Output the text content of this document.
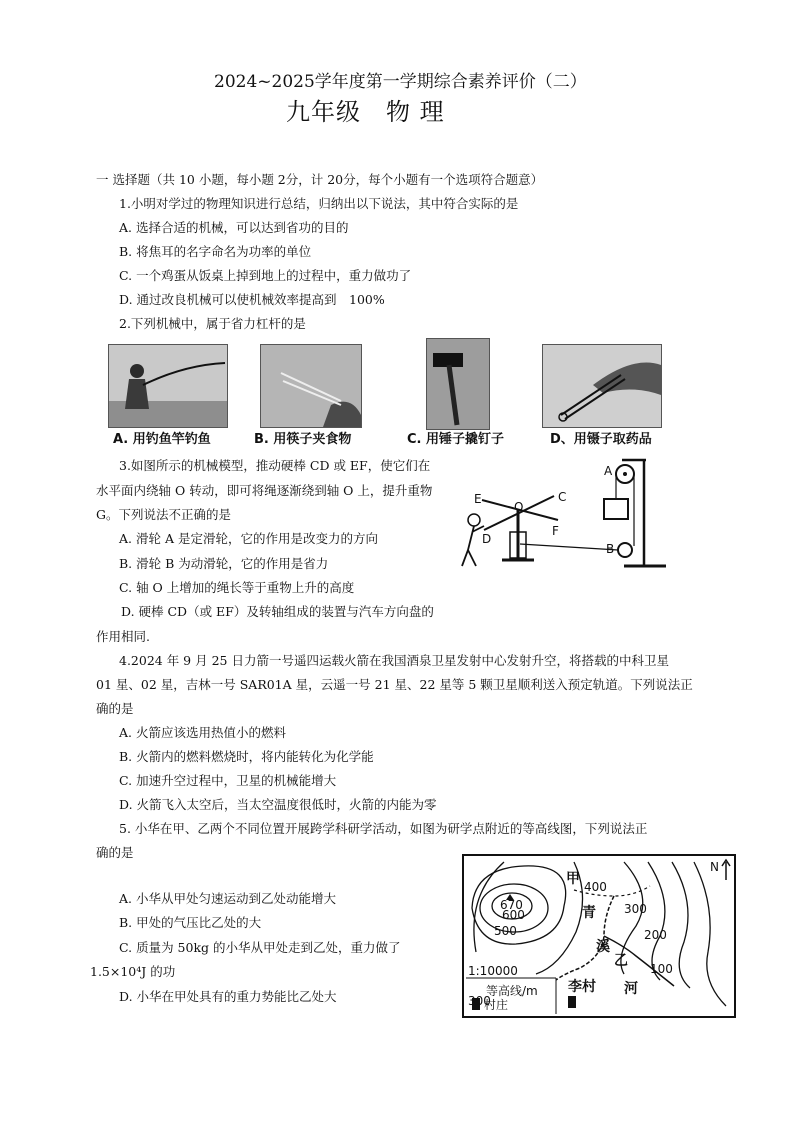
2024~2025学年度第一学期综合素养评价（二）
九年级　物 理
一 选择题（共 10 小题，每小题 2分，计 20分，每个小题有一个选项符合题意）
1.小明对学过的物理知识进行总结，归纳出以下说法，其中符合实际的是
A. 选择合适的机械，可以达到省功的目的
B. 将焦耳的名字命名为功率的单位
C. 一个鸡蛋从饭桌上掉到地上的过程中，重力做功了
D. 通过改良机械可以使机械效率提高到　100%
2.下列机械中，属于省力杠杆的是
A. 用钓鱼竿钓鱼	B. 用筷子夹食物	C. 用锤子撬钉子	D、用镊子取药品
3.如图所示的机械模型，推动硬棒 CD 或 EF，使它们在
水平面内绕轴 O 转动，即可将绳逐渐绕到轴 O 上，提升重物
G。下列说法不正确的是
A. 滑轮 A 是定滑轮，它的作用是改变力的方向
B. 滑轮 B 为动滑轮，它的作用是省力
C. 轴 O 上增加的绳长等于重物上升的高度
D. 硬棒 CD（或 EF）及转轴组成的装置与汽车方向盘的
作用相同.
A
B
C
D
E
F
O
4.2024 年 9 月 25 日力箭一号遥四运载火箭在我国酒泉卫星发射中心发射升空，将搭载的中科卫星
01 星、02 星，吉林一号 SAR01A 星，云遥一号 21 星、22 星等 5 颗卫星顺利送入预定轨道。下列说法正
确的是
A. 火箭应该选用热值小的燃料
B. 火箭内的燃料燃烧时，将内能转化为化学能
C. 加速升空过程中，卫星的机械能增大
D. 火箭飞入太空后，当太空温度很低时，火箭的内能为零
5. 小华在甲、乙两个不同位置开展跨学科研学活动，如图为研学点附近的等高线图，下列说法正
确的是
A. 小华从甲处匀速运动到乙处动能增大
B. 甲处的气压比乙处的大
C. 质量为 50kg 的小华从甲处走到乙处，重力做了
1.5×10⁴J 的功
D. 小华在甲处具有的重力势能比乙处大
N
甲
乙
青
溪
河
李村
1:10000
等高线/m
村庄
670
600
500
400
300
200
100
300
